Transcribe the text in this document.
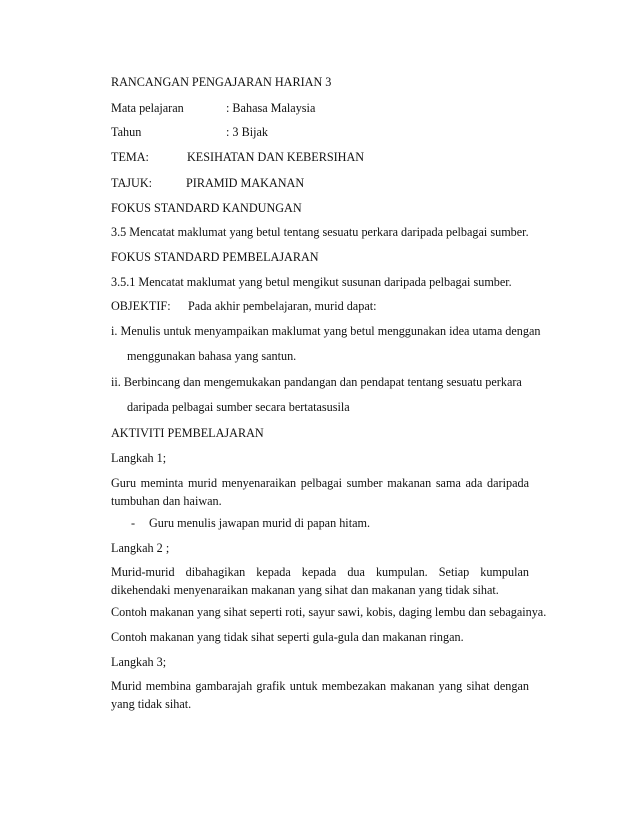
RANCANGAN PENGAJARAN HARIAN 3
Mata pelajaran	: Bahasa Malaysia
Tahun	: 3 Bijak
TEMA:	KESIHATAN DAN KEBERSIHAN
TAJUK:	PIRAMID MAKANAN
FOKUS STANDARD KANDUNGAN
3.5 Mencatat maklumat yang betul tentang sesuatu perkara daripada pelbagai sumber.
FOKUS STANDARD PEMBELAJARAN
3.5.1 Mencatat maklumat yang betul mengikut susunan daripada pelbagai sumber.
OBJEKTIF: Pada akhir pembelajaran, murid dapat:
i. Menulis untuk menyampaikan maklumat yang betul menggunakan idea utama dengan
menggunakan bahasa yang santun.
ii. Berbincang dan mengemukakan pandangan dan pendapat tentang sesuatu perkara
daripada pelbagai sumber secara bertatasusila
AKTIVITI PEMBELAJARAN
Langkah 1;
Guru meminta murid menyenaraikan pelbagai sumber makanan sama ada daripada tumbuhan dan haiwan.
- Guru menulis jawapan murid di papan hitam.
Langkah 2 ;
Murid-murid dibahagikan kepada kepada dua kumpulan. Setiap kumpulan dikehendaki menyenaraikan makanan yang sihat dan makanan yang tidak sihat.
Contoh makanan yang sihat seperti roti, sayur sawi, kobis, daging lembu dan sebagainya.
Contoh makanan yang tidak sihat seperti gula-gula dan makanan ringan.
Langkah 3;
Murid membina gambarajah grafik untuk membezakan makanan yang sihat dengan yang tidak sihat.
